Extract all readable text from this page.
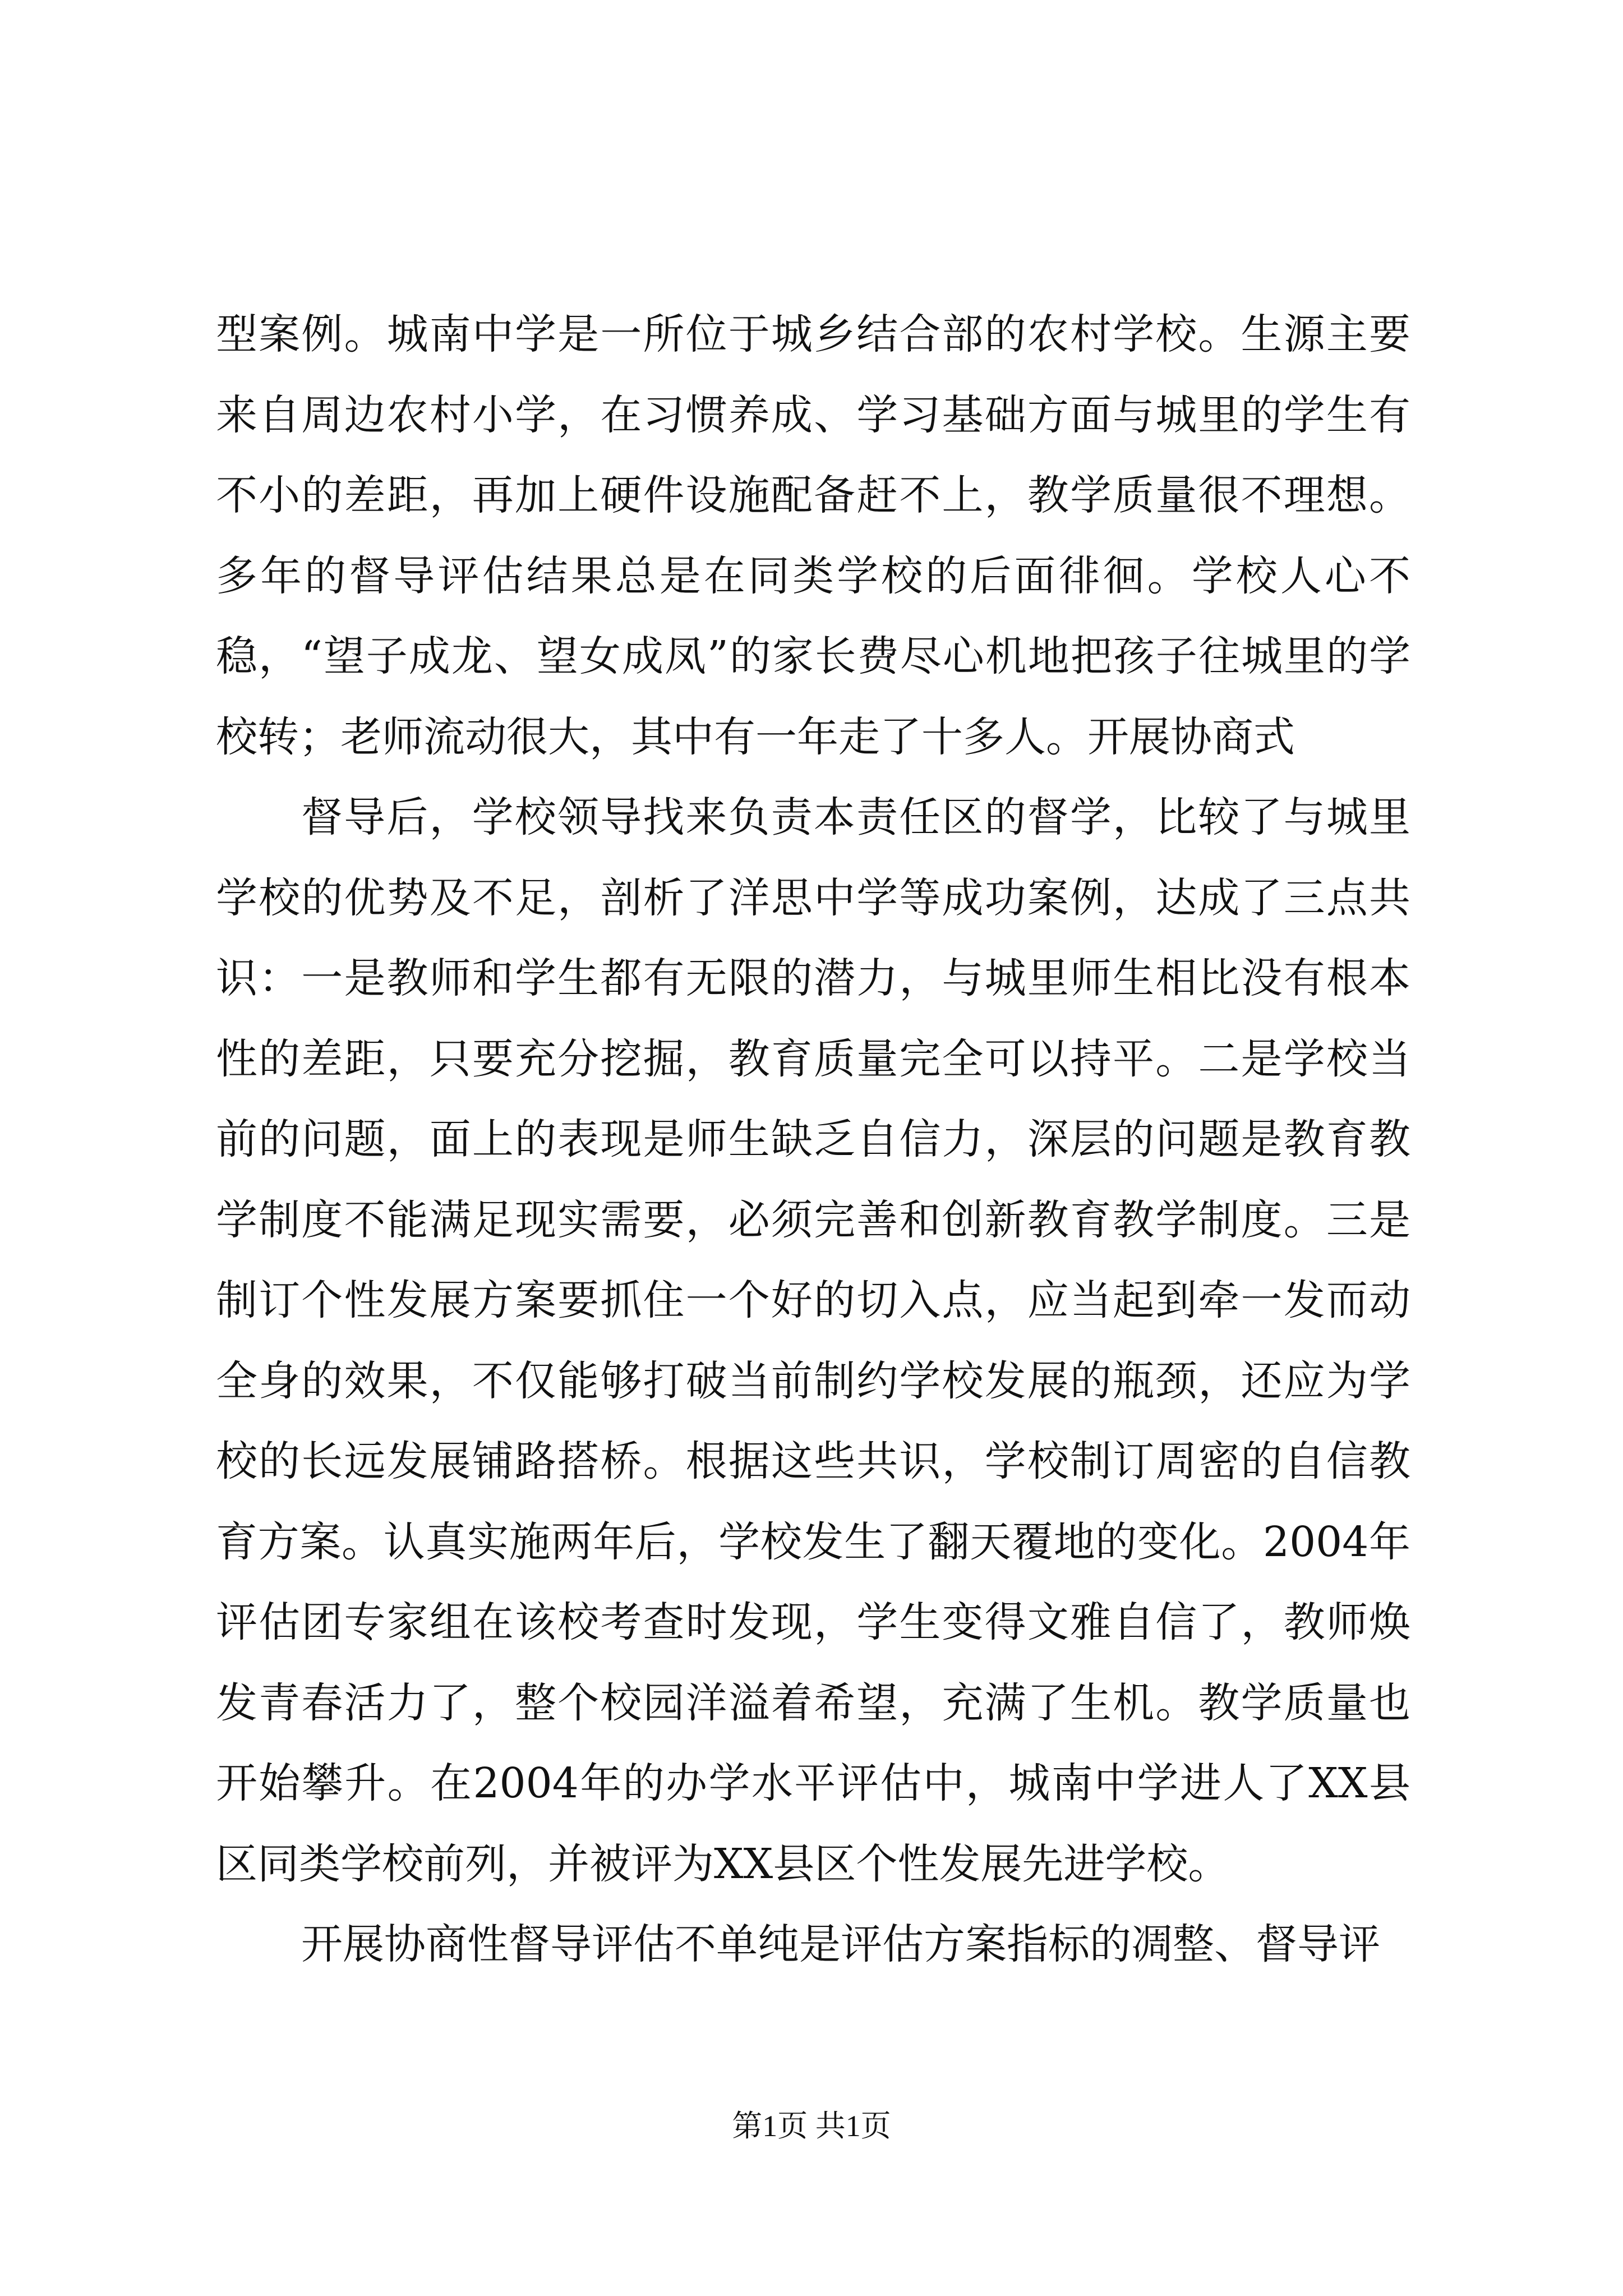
型案例。城南中学是一所位于城乡结合部的农村学校。生源主要来自周边农村小学，在习惯养成、学习基础方面与城里的学生有不小的差距，再加上硬件设施配备赶不上，教学质量很不理想。多年的督导评估结果总是在同类学校的后面徘徊。学校人心不稳，“望子成龙、望女成凤”的家长费尽心机地把孩子往城里的学校转；老师流动很大，其中有一年走了十多人。开展协商式

督导后，学校领导找来负责本责任区的督学，比较了与城里学校的优势及不足，剖析了洋思中学等成功案例，达成了三点共识：一是教师和学生都有无限的潜力，与城里师生相比没有根本性的差距，只要充分挖掘，教育质量完全可以持平。二是学校当前的问题，面上的表现是师生缺乏自信力，深层的问题是教育教学制度不能满足现实需要，必须完善和创新教育教学制度。三是制订个性发展方案要抓住一个好的切入点，应当起到牵一发而动全身的效果，不仅能够打破当前制约学校发展的瓶颈，还应为学校的长远发展铺路搭桥。根据这些共识，学校制订周密的自信教育方案。认真实施两年后，学校发生了翻天覆地的变化。2004年评估团专家组在该校考查时发现，学生变得文雅自信了，教师焕发青春活力了，整个校园洋溢着希望，充满了生机。教学质量也开始攀升。在2004年的办学水平评估中，城南中学进人了XX县区同类学校前列，并被评为XX县区个性发展先进学校。

开展协商性督导评估不单纯是评估方案指标的凋整、督导评

第1页 共1页
